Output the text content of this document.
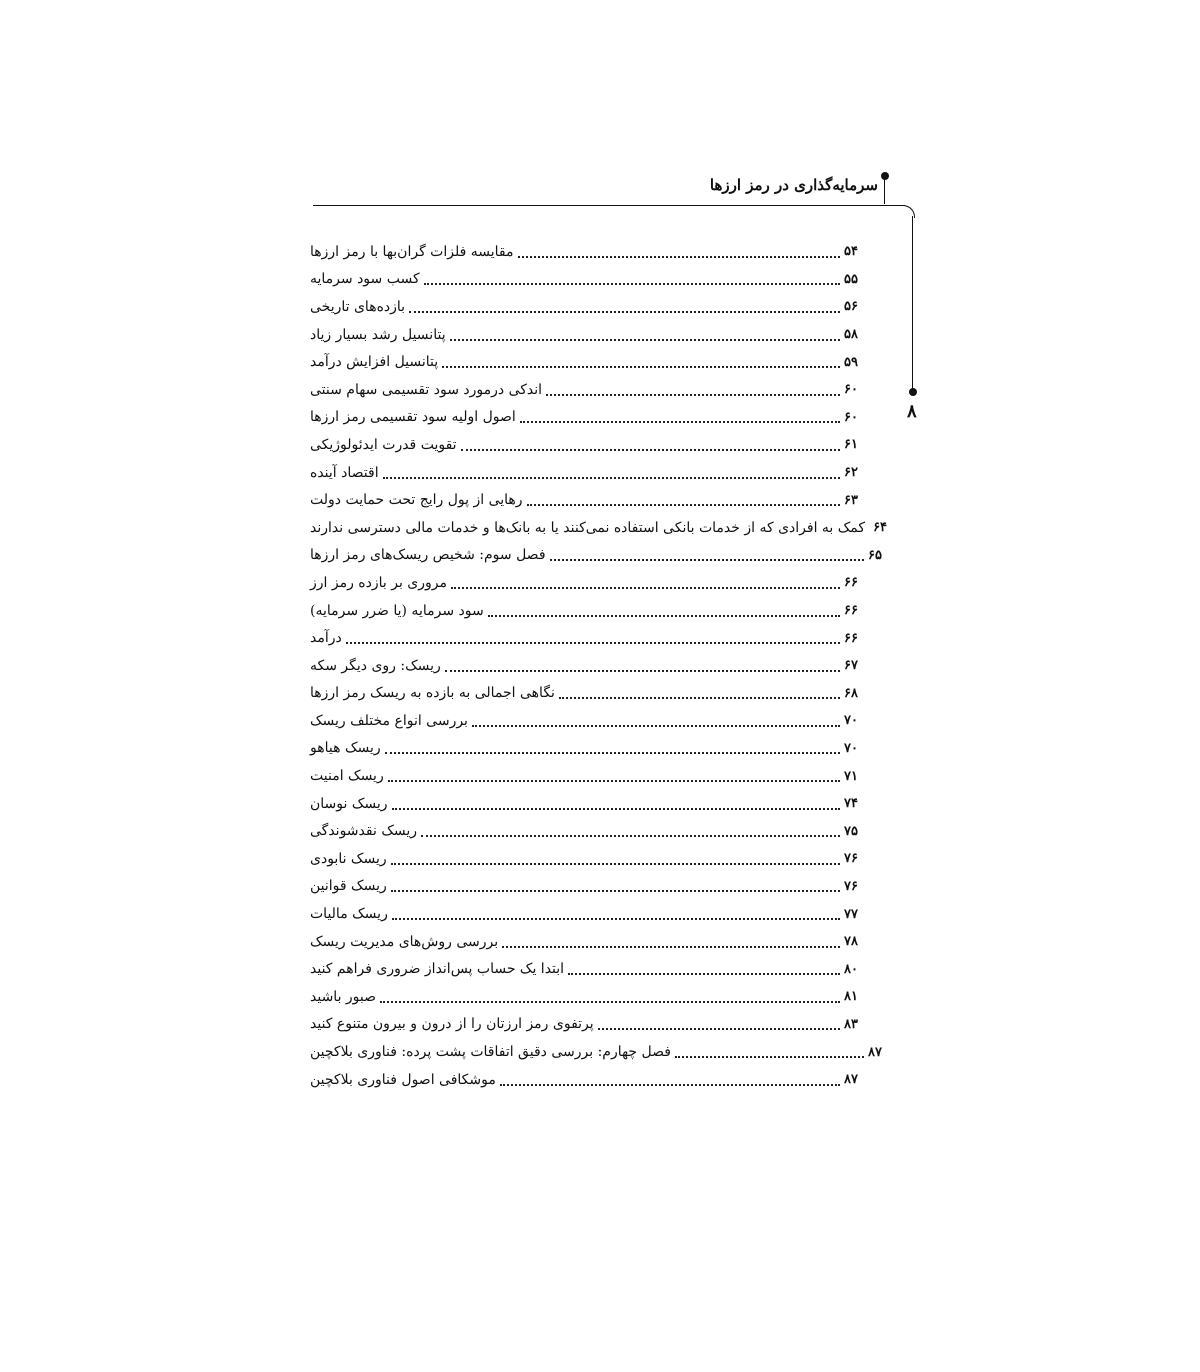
سرمایه‌گذاری در رمز ارزها
۸
مقایسه فلزات گران‌بها با رمز ارزها	۵۴
کسب سود سرمایه	۵۵
بازده‌های تاریخی	۵۶
پتانسیل رشد بسیار زیاد	۵۸
پتانسیل افزایش درآمد	۵۹
اندکی درمورد سود تقسیمی سهام سنتی	۶۰
اصول اولیه سود تقسیمی رمز ارزها	۶۰
تقویت قدرت ایدئولوژیکی	۶۱
اقتصاد آینده	۶۲
رهایی از پول رایج تحت حمایت دولت	۶۳
کمک به افرادی که از خدمات بانکی استفاده نمی‌کنند یا به بانک‌ها و خدمات مالی دسترسی ندارند ۶۴
فصل سوم: شخیص ریسک‌های رمز ارزها	۶۵
مروری بر بازده رمز ارز	۶۶
سود سرمایه (یا ضرر سرمایه)	۶۶
درآمد	۶۶
ریسک: روی دیگر سکه	۶۷
نگاهی اجمالی به بازده به ریسک رمز ارزها	۶۸
بررسی انواع مختلف ریسک	۷۰
ریسک هیاهو	۷۰
ریسک امنیت	۷۱
ریسک نوسان	۷۴
ریسک نقدشوندگی	۷۵
ریسک نابودی	۷۶
ریسک قوانین	۷۶
ریسک مالیات	۷۷
بررسی روش‌های مدیریت ریسک	۷۸
ابتدا یک حساب پس‌انداز ضروری فراهم کنید	۸۰
صبور باشید	۸۱
پرتفوی رمز ارزتان را از درون و بیرون متنوع کنید	۸۳
فصل چهارم: بررسی دقیق اتفاقات پشت پرده: فناوری بلاکچین	۸۷
موشکافی اصول فناوری بلاکچین	۸۷
